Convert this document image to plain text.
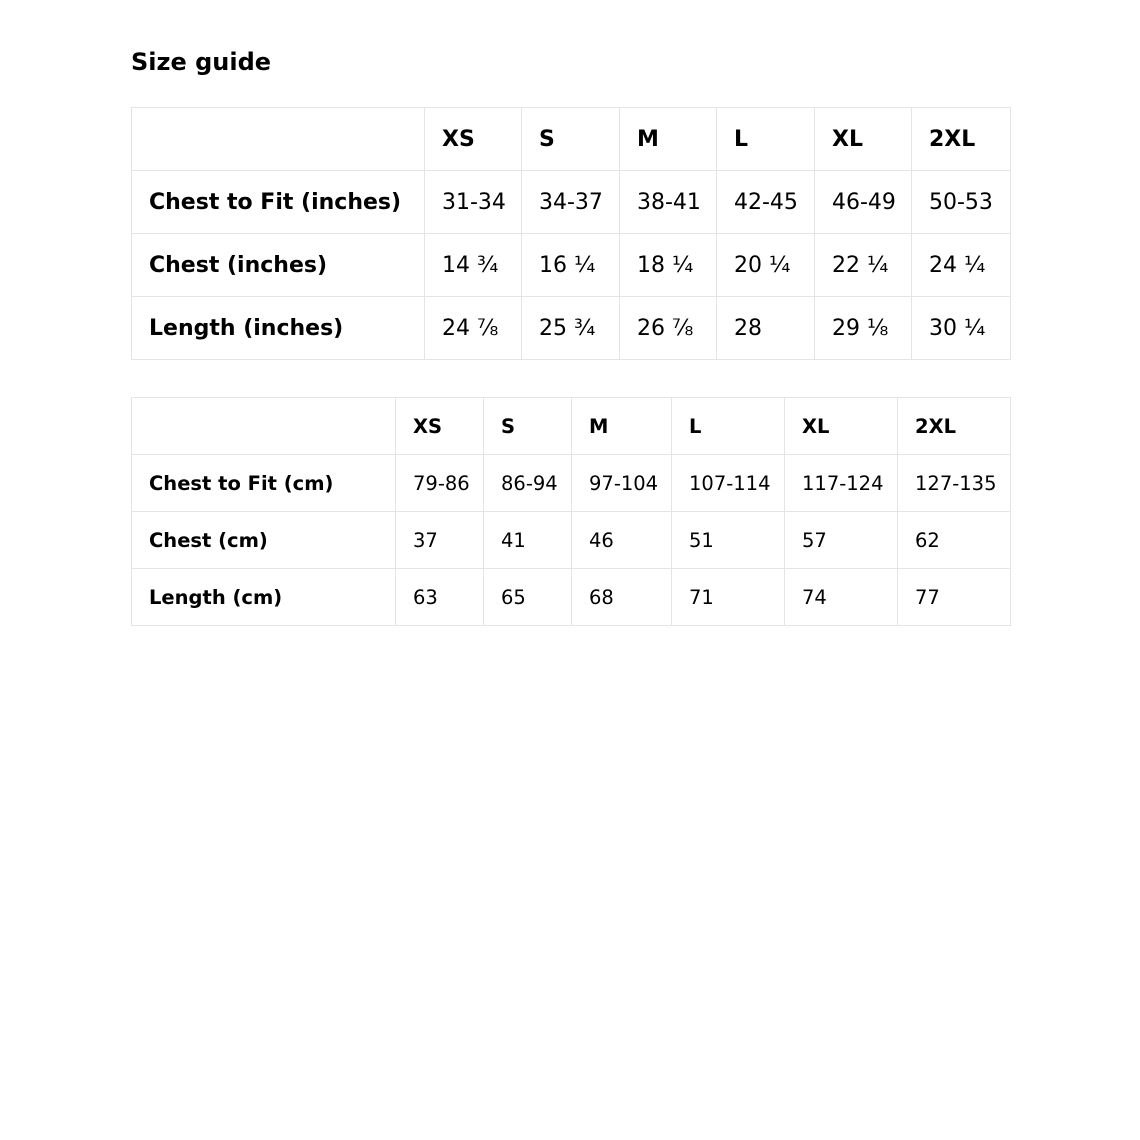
Size guide
	XS	S	M	L	XL	2XL
Chest to Fit (inches)	31-34	34-37	38-41	42-45	46-49	50-53
Chest (inches)	14 ¾	16 ¼	18 ¼	20 ¼	22 ¼	24 ¼
Length (inches)	24 ⅞	25 ¾	26 ⅞	28	29 ⅛	30 ¼
	XS	S	M	L	XL	2XL
Chest to Fit (cm)	79-86	86-94	97-104	107-114	117-124	127-135
Chest (cm)	37	41	46	51	57	62
Length (cm)	63	65	68	71	74	77
